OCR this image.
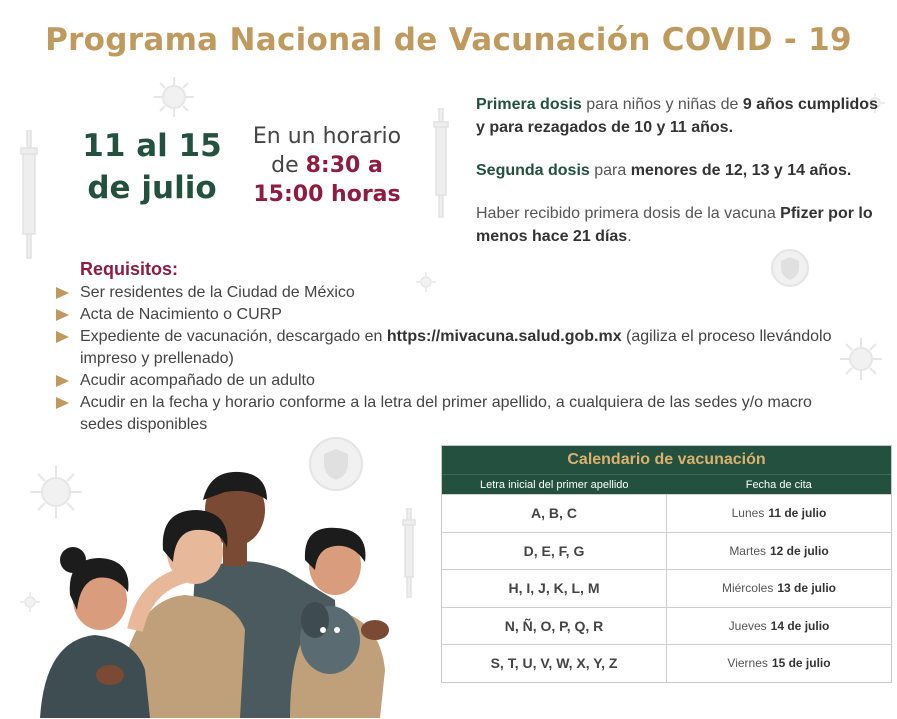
Programa Nacional de Vacunación COVID - 19
11 al 15
de julio
En un horario
de 8:30 a
15:00 horas

Primera dosis para niños y niñas de 9 años cumplidos y para rezagados de 10 y 11 años.

Segunda dosis para menores de 12, 13 y 14 años.

Haber recibido primera dosis de la vacuna Pfizer por lo menos hace 21 días.

Requisitos:
Ser residentes de la Ciudad de México
Acta de Nacimiento o CURP
Expediente de vacunación, descargado en https://mivacuna.salud.gob.mx (agiliza el proceso llevándolo impreso y prellenado)
Acudir acompañado de un adulto
Acudir en la fecha y horario conforme a la letra del primer apellido, a cualquiera de las sedes y/o macro sedes disponibles
Calendario de vacunación
Letra inicial del primer apellido	Fecha de cita
A, B, C	Lunes 11 de julio
D, E, F, G	Martes 12 de julio
H, I, J, K, L, M	Miércoles 13 de julio
N, Ñ, O, P, Q, R	Jueves 14 de julio
S, T, U, V, W, X, Y, Z	Viernes 15 de julio
